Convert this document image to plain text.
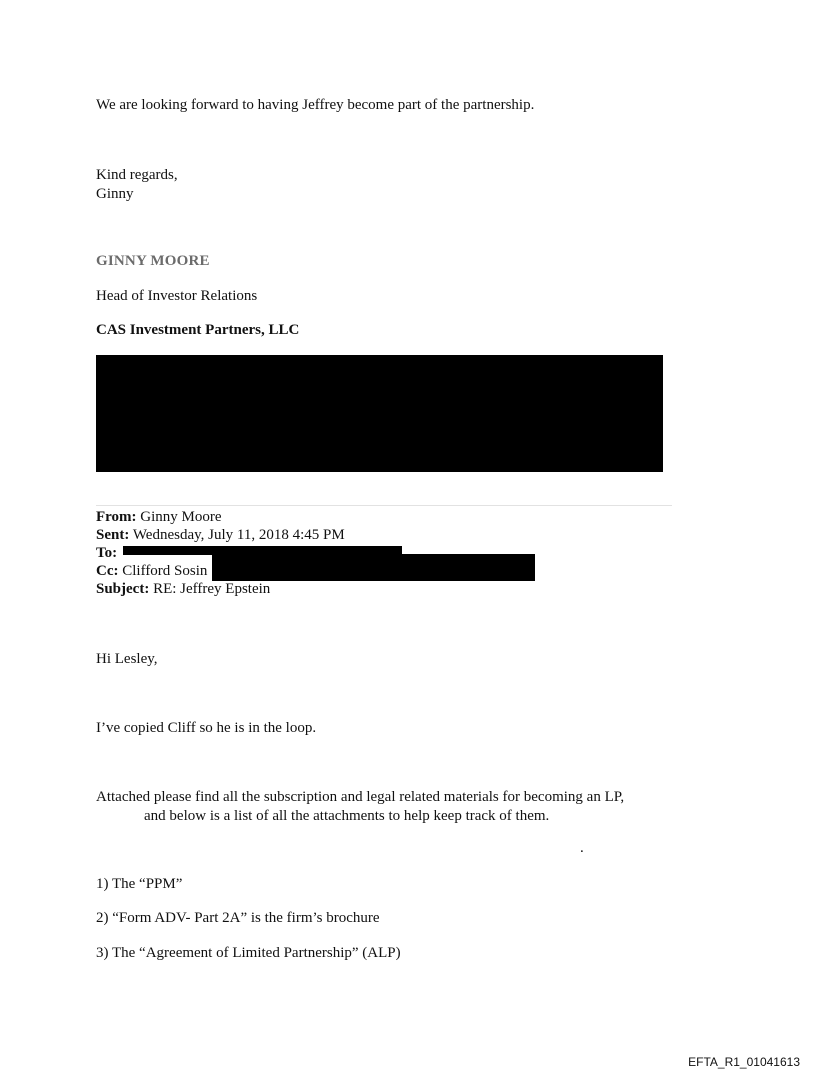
We are looking forward to having Jeffrey become part of the partnership.
Kind regards,
Ginny
GINNY MOORE
Head of Investor Relations
CAS Investment Partners, LLC
From: Ginny Moore
Sent: Wednesday, July 11, 2018 4:45 PM
To:
Cc: Clifford Sosin
Subject: RE: Jeffrey Epstein
Hi Lesley,
I’ve copied Cliff so he is in the loop.
Attached please find all the subscription and legal related materials for becoming an LP,
and below is a list of all the attachments to help keep track of them.
.
1) The “PPM”
2) “Form ADV- Part 2A” is the firm’s brochure
3) The “Agreement of Limited Partnership” (ALP)
EFTA_R1_01041613
